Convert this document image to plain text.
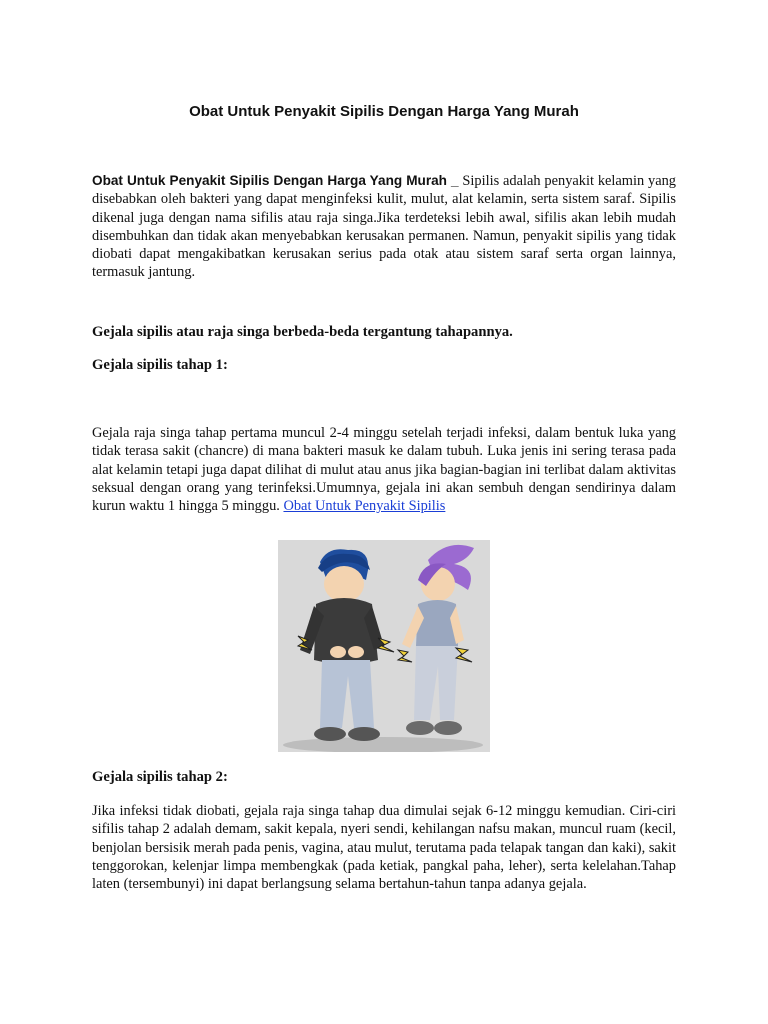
Obat Untuk Penyakit Sipilis Dengan Harga Yang Murah
Obat Untuk Penyakit Sipilis Dengan Harga Yang Murah _ Sipilis adalah penyakit kelamin yang disebabkan oleh bakteri yang dapat menginfeksi kulit, mulut, alat kelamin, serta sistem saraf. Sipilis dikenal juga dengan nama sifilis atau raja singa.Jika terdeteksi lebih awal, sifilis akan lebih mudah disembuhkan dan tidak akan menyebabkan kerusakan permanen. Namun, penyakit sipilis yang tidak diobati dapat mengakibatkan kerusakan serius pada otak atau sistem saraf serta organ lainnya, termasuk jantung.
Gejala sipilis atau raja singa berbeda-beda tergantung tahapannya.
Gejala sipilis tahap 1:
Gejala raja singa tahap pertama muncul 2-4 minggu setelah terjadi infeksi, dalam bentuk luka yang tidak terasa sakit (chancre) di mana bakteri masuk ke dalam tubuh. Luka jenis ini sering terasa pada alat kelamin tetapi juga dapat dilihat di mulut atau anus jika bagian-bagian ini terlibat dalam aktivitas seksual dengan orang yang terinfeksi.Umumnya, gejala ini akan sembuh dengan sendirinya dalam kurun waktu 1 hingga 5 minggu. Obat Untuk Penyakit Sipilis
Gejala sipilis tahap 2:
Jika infeksi tidak diobati, gejala raja singa tahap dua dimulai sejak 6-12 minggu kemudian. Ciri-ciri sifilis tahap 2 adalah demam, sakit kepala, nyeri sendi, kehilangan nafsu makan, muncul ruam (kecil, benjolan bersisik merah pada penis, vagina, atau mulut, terutama pada telapak tangan dan kaki), sakit tenggorokan, kelenjar limpa membengkak (pada ketiak, pangkal paha, leher), serta kelelahan.Tahap laten (tersembunyi) ini dapat berlangsung selama bertahun-tahun tanpa adanya gejala.
